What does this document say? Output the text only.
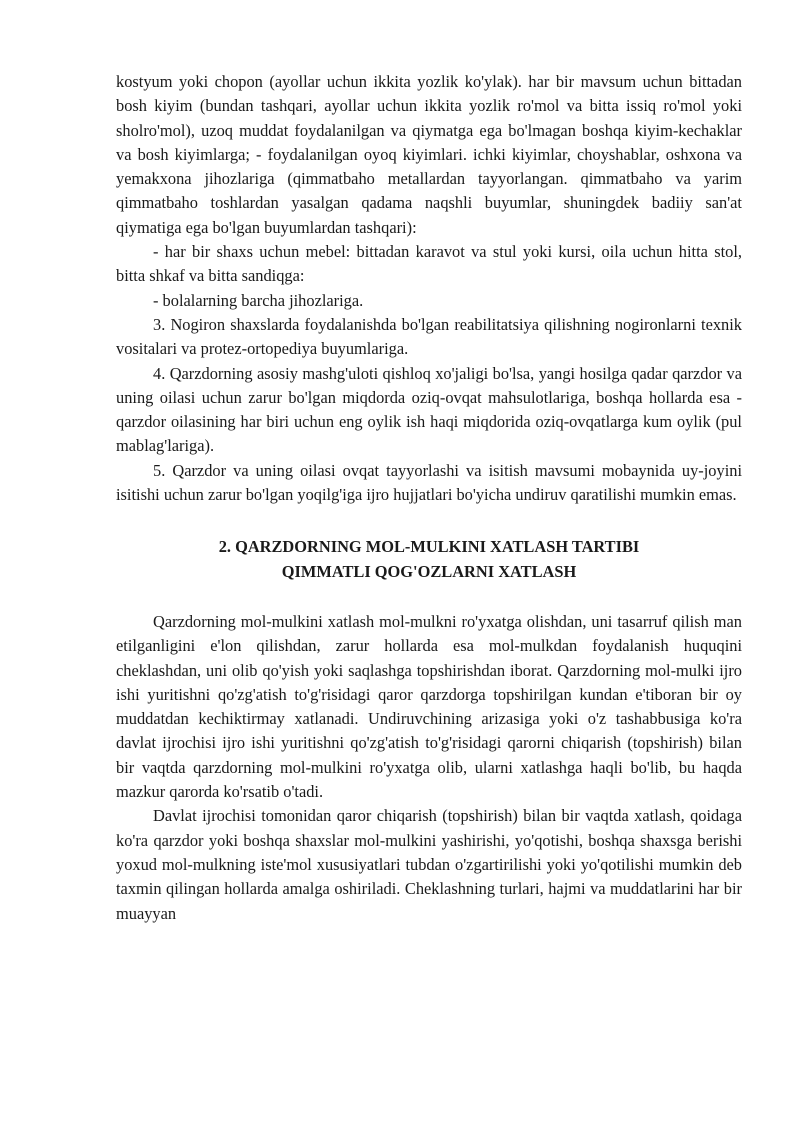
kostyum yoki chopon (ayollar uchun ikkita yozlik ko'ylak). har bir mavsum uchun bittadan bosh kiyim (bundan tashqari, ayollar uchun ikkita yozlik ro'mol va bitta issiq ro'mol yoki sholro'mol), uzoq muddat foydalanilgan va qiymatga ega bo'lmagan boshqa kiyim-kechaklar va bosh kiyimlarga; - foydalanilgan oyoq kiyimlari. ichki kiyimlar, choyshablar, oshxona va yemakxona jihozlariga (qimmatbaho metallardan tayyorlangan. qimmatbaho va yarim qimmatbaho toshlardan yasalgan qadama naqshli buyumlar, shuningdek badiiy san'at qiymatiga ega bo'lgan buyumlardan tashqari):

- har bir shaxs uchun mebel: bittadan karavot va stul yoki kursi, oila uchun hitta stol, bitta shkaf va bitta sandiqga:

- bolalarning barcha jihozlariga.

3. Nogiron shaxslarda foydalanishda bo'lgan reabilitatsiya qilishning nogironlarni texnik vositalari va protez-ortopediya buyumlariga.

4. Qarzdorning asosiy mashg'uloti qishloq xo'jaligi bo'lsa, yangi hosilga qadar qarzdor va uning oilasi uchun zarur bo'lgan miqdorda oziq-ovqat mahsulotlariga, boshqa hollarda esa - qarzdor oilasining har biri uchun eng oylik ish haqi miqdorida oziq-ovqatlarga kum oylik (pul mablag'lariga).

5. Qarzdor va uning oilasi ovqat tayyorlashi va isitish mavsumi mobaynida uy-joyini isitishi uchun zarur bo'lgan yoqilg'iga ijro hujjatlari bo'yicha undiruv qaratilishi mumkin emas.

2. QARZDORNING MOL-MULKINI XATLASH TARTIBI
QIMMATLI QOG'OZLARNI XATLASH

Qarzdorning mol-mulkini xatlash mol-mulkni ro'yxatga olishdan, uni tasarruf qilish man etilganligini e'lon qilishdan, zarur hollarda esa mol-mulkdan foydalanish huquqini cheklashdan, uni olib qo'yish yoki saqlashga topshirishdan iborat. Qarzdorning mol-mulki ijro ishi yuritishni qo'zg'atish to'g'risidagi qaror qarzdorga topshirilgan kundan e'tiboran bir oy muddatdan kechiktirmay xatlanadi. Undiruvchining arizasiga yoki o'z tashabbusiga ko'ra davlat ijrochisi ijro ishi yuritishni qo'zg'atish to'g'risidagi qarorni chiqarish (topshirish) bilan bir vaqtda qarzdorning mol-mulkini ro'yxatga olib, ularni xatlashga haqli bo'lib, bu haqda mazkur qarorda ko'rsatib o'tadi.

Davlat ijrochisi tomonidan qaror chiqarish (topshirish) bilan bir vaqtda xatlash, qoidaga ko'ra qarzdor yoki boshqa shaxslar mol-mulkini yashirishi, yo'qotishi, boshqa shaxsga berishi yoxud mol-mulkning iste'mol xususiyatlari tubdan o'zgartirilishi yoki yo'qotilishi mumkin deb taxmin qilingan hollarda amalga oshiriladi. Cheklashning turlari, hajmi va muddatlarini har bir muayyan
